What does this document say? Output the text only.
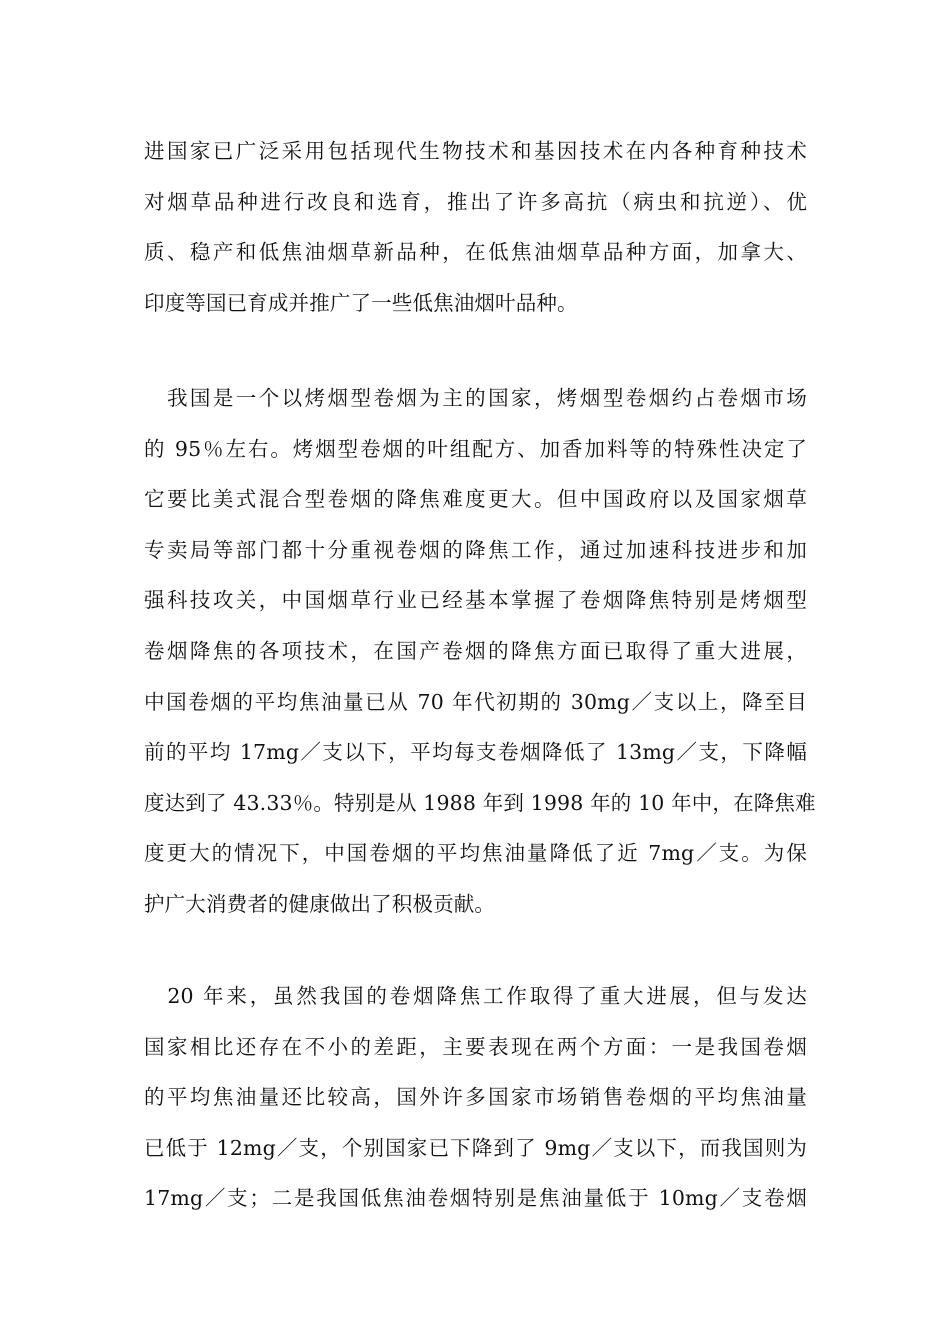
进国家已广泛采用包括现代生物技术和基因技术在内各种育种技术
对烟草品种进行改良和选育，推出了许多高抗（病虫和抗逆）、优
质、稳产和低焦油烟草新品种，在低焦油烟草品种方面，加拿大、
印度等国已育成并推广了一些低焦油烟叶品种。
　我国是一个以烤烟型卷烟为主的国家，烤烟型卷烟约占卷烟市场
的 95％左右。烤烟型卷烟的叶组配方、加香加料等的特殊性决定了
它要比美式混合型卷烟的降焦难度更大。但中国政府以及国家烟草
专卖局等部门都十分重视卷烟的降焦工作，通过加速科技进步和加
强科技攻关，中国烟草行业已经基本掌握了卷烟降焦特别是烤烟型
卷烟降焦的各项技术，在国产卷烟的降焦方面已取得了重大进展，
中国卷烟的平均焦油量已从 70 年代初期的 30mg／支以上，降至目
前的平均 17mg／支以下，平均每支卷烟降低了 13mg／支，下降幅
度达到了 43.33％。特别是从 1988 年到 1998 年的 10 年中，在降焦难
度更大的情况下，中国卷烟的平均焦油量降低了近 7mg／支。为保
护广大消费者的健康做出了积极贡献。
　20 年来，虽然我国的卷烟降焦工作取得了重大进展，但与发达
国家相比还存在不小的差距，主要表现在两个方面：一是我国卷烟
的平均焦油量还比较高，国外许多国家市场销售卷烟的平均焦油量
已低于 12mg／支，个别国家已下降到了 9mg／支以下，而我国则为
17mg／支；二是我国低焦油卷烟特别是焦油量低于 10mg／支卷烟
